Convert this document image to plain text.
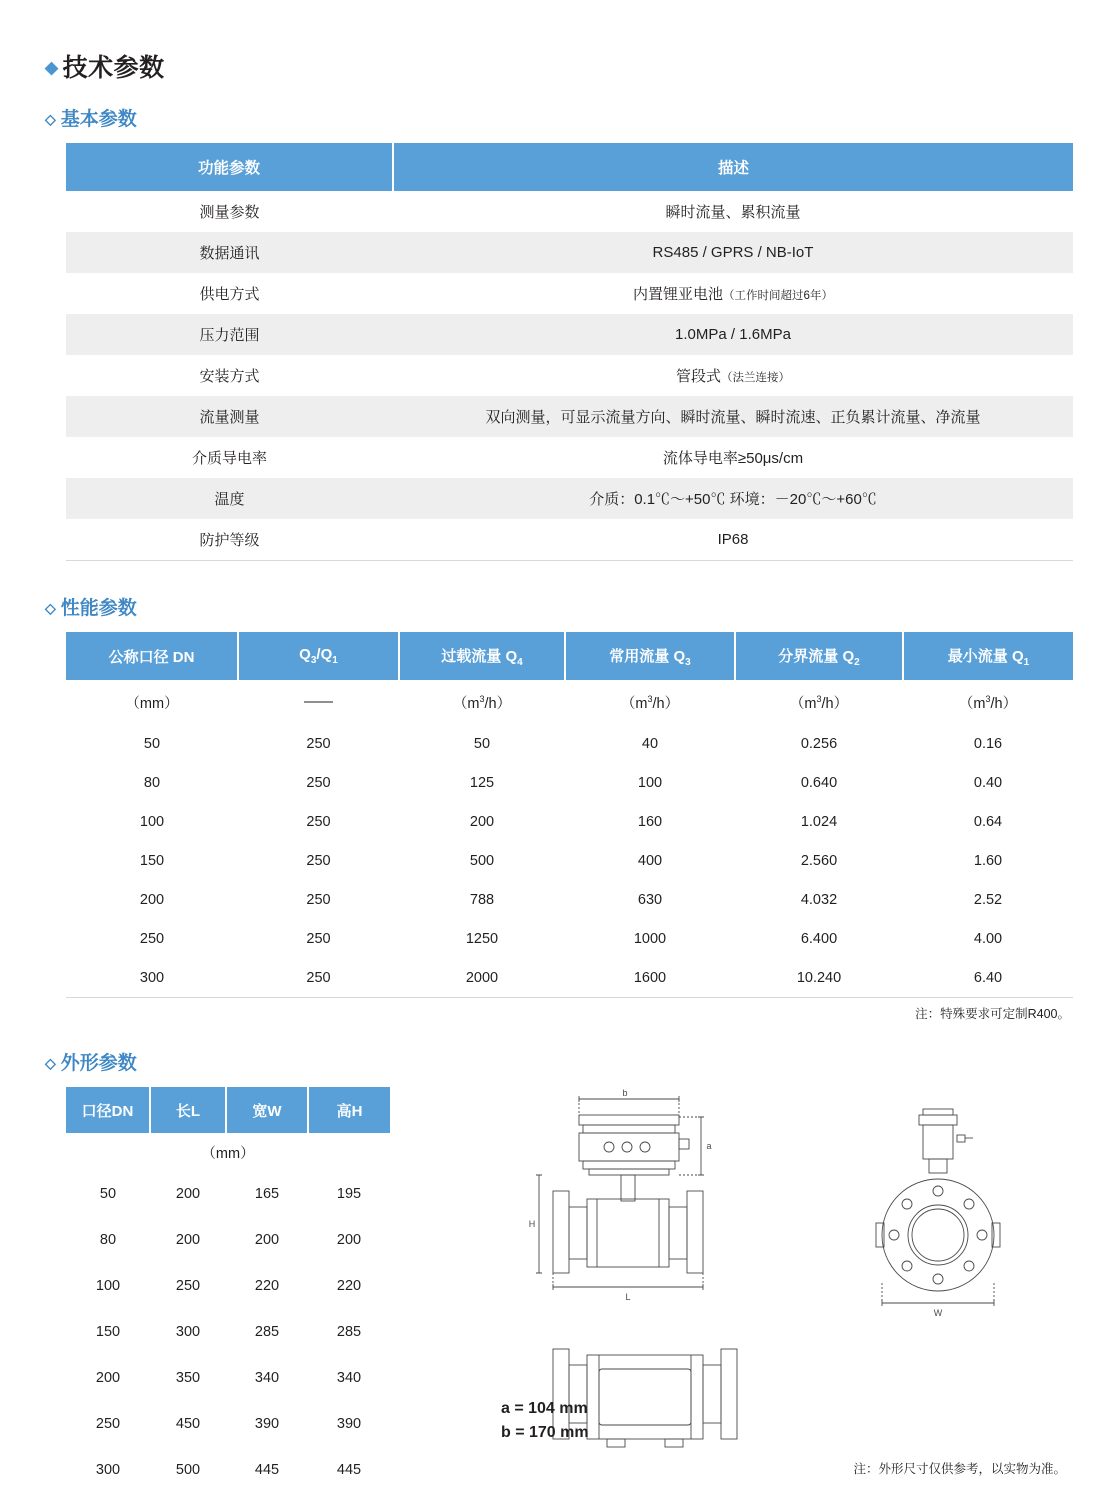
◆ 技术参数
◇ 基本参数
功能参数	描述
测量参数	瞬时流量、累积流量
数据通讯	RS485 / GPRS / NB-IoT
供电方式	内置锂亚电池（工作时间超过6年）
压力范围	1.0MPa / 1.6MPa
安装方式	管段式（法兰连接）
流量测量	双向测量，可显示流量方向、瞬时流量、瞬时流速、正负累计流量、净流量
介质导电率	流体导电率≥50μs/cm
温度	介质：0.1℃～+50℃ 环境：－20℃～+60℃
防护等级	IP68
◇ 性能参数
公称口径 DN	$Q_3/Q_1$	过载流量 $Q_4$	常用流量 $Q_3$	分界流量 $Q_2$	最小流量 $Q_1$
（mm）	——	$(m^3/h)$	$(m^3/h)$	$(m^3/h)$	$(m^3/h)$
50	250	50	40	0.256	0.16
80	250	125	100	0.640	0.40
100	250	200	160	1.024	0.64
150	250	500	400	2.560	1.60
200	250	788	630	4.032	2.52
250	250	1250	1000	6.400	4.00
300	250	2000	1600	10.240	6.40
注：特殊要求可定制R400。
◇ 外形参数
口径DN	长L	宽W	高H
（mm）			
50	200	165	195
80	200	200	200
100	250	220	220
150	300	285	285
200	350	340	340
250	450	390	390
300	500	445	445
b
a
H
L
W
a = 104 mm
b = 170 mm
注：外形尺寸仅供参考，以实物为准。
